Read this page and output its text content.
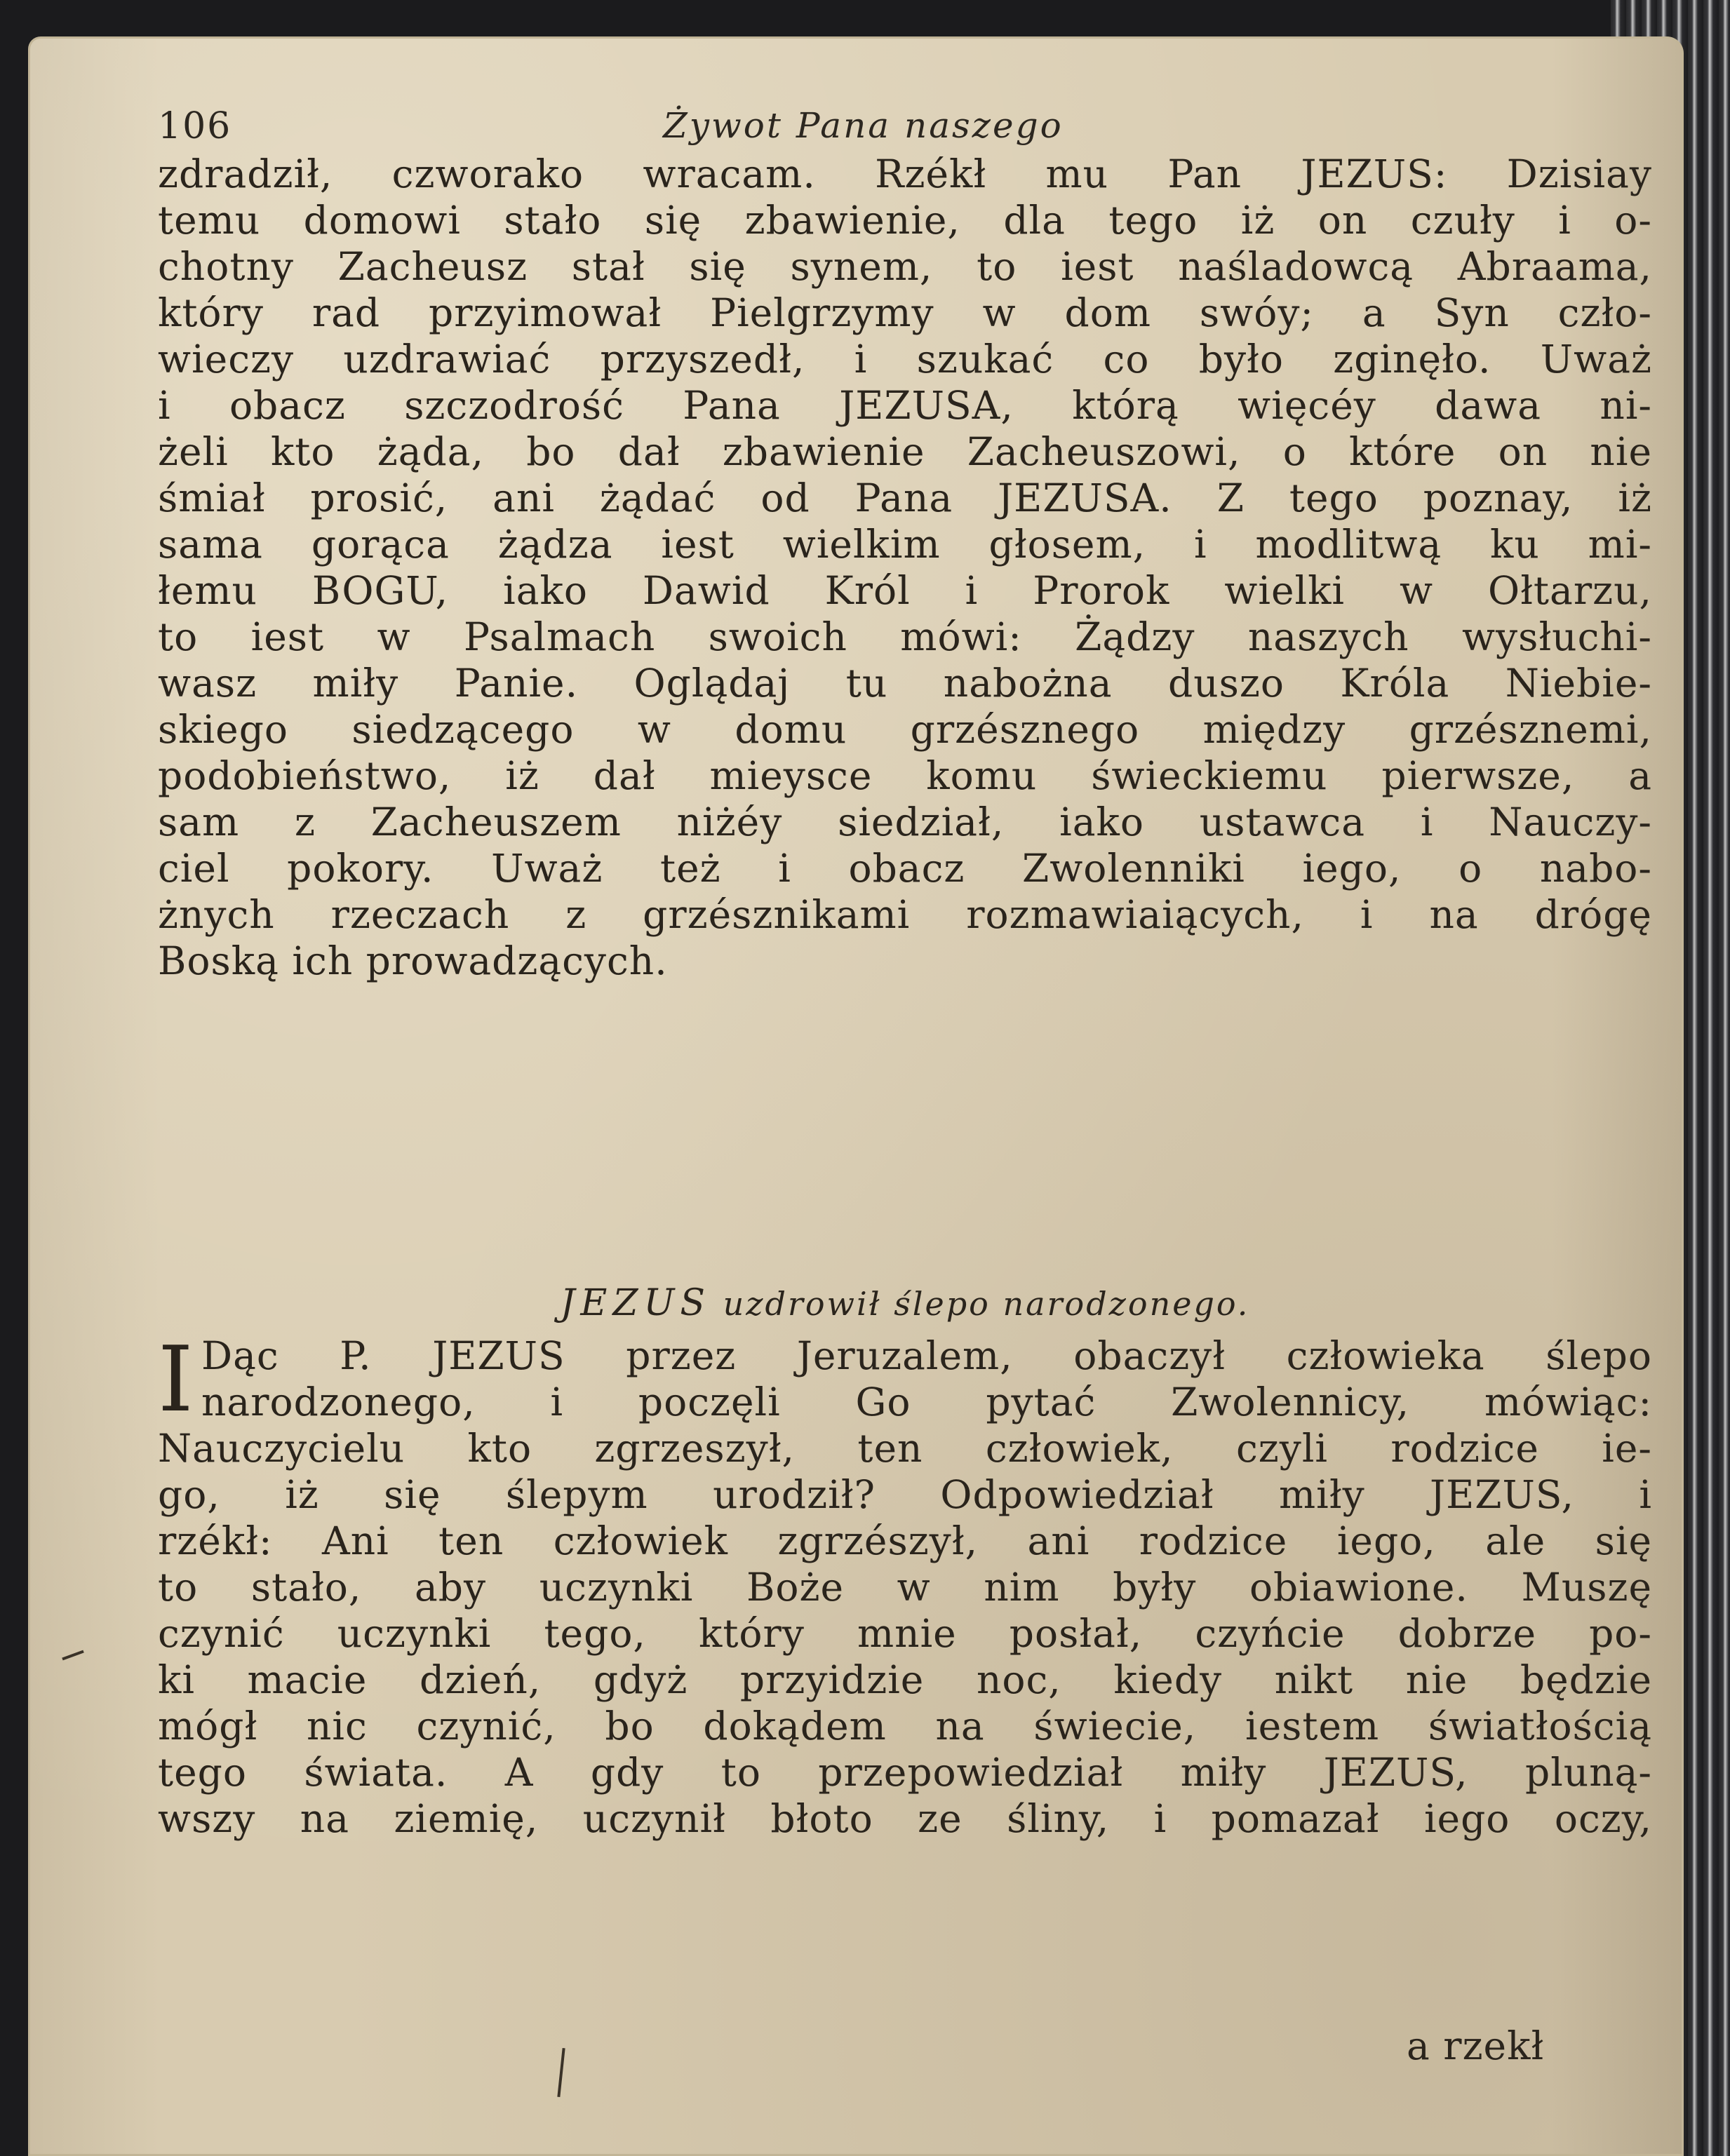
106	Żywot Pana naszego
zdradził, czworako wracam. Rzékł mu Pan JEZUS: Dzisiay
temu domowi stało się zbawienie, dla tego iż on czuły i o-
chotny Zacheusz stał się synem, to iest naśladowcą Abraama,
który rad przyimował Pielgrzymy w dom swóy; a Syn czło-
wieczy uzdrawiać przyszedł, i szukać co było zginęło. Uważ
i obacz szczodrość Pana JEZUSA, którą więcéy dawa ni-
żeli kto żąda, bo dał zbawienie Zacheuszowi, o które on nie
śmiał prosić, ani żądać od Pana JEZUSA. Z tego poznay, iż
sama gorąca żądza iest wielkim głosem, i modlitwą ku mi-
łemu BOGU, iako Dawid Król i Prorok wielki w Ołtarzu,
to iest w Psalmach swoich mówi: Żądzy naszych wysłuchi-
wasz miły Panie. Oglądaj tu nabożna duszo Króla Niebie-
skiego siedzącego w domu grzésznego między grzésznemi,
podobieństwo, iż dał mieysce komu świeckiemu pierwsze, a
sam z Zacheuszem niżéy siedział, iako ustawca i Nauczy-
ciel pokory. Uważ też i obacz Zwolenniki iego, o nabo-
żnych rzeczach z grzésznikami rozmawiaiących, i na drógę
Boską ich prowadzących.
JEZUS uzdrowił ślepo narodzonego.
I Dąc P. JEZUS przez Jeruzalem, obaczył człowieka ślepo
narodzonego, i poczęli Go pytać Zwolennicy, mówiąc:
Nauczycielu kto zgrzeszył, ten człowiek, czyli rodzice ie-
go, iż się ślepym urodził? Odpowiedział miły JEZUS, i
rzékł: Ani ten człowiek zgrzészył, ani rodzice iego, ale się
to stało, aby uczynki Boże w nim były obiawione. Muszę
czynić uczynki tego, który mnie posłał, czyńcie dobrze po-
ki macie dzień, gdyż przyidzie noc, kiedy nikt nie będzie
mógł nic czynić, bo dokądem na świecie, iestem światłością
tego świata. A gdy to przepowiedział miły JEZUS, pluną-
wszy na ziemię, uczynił błoto ze śliny, i pomazał iego oczy,
a rzekł
